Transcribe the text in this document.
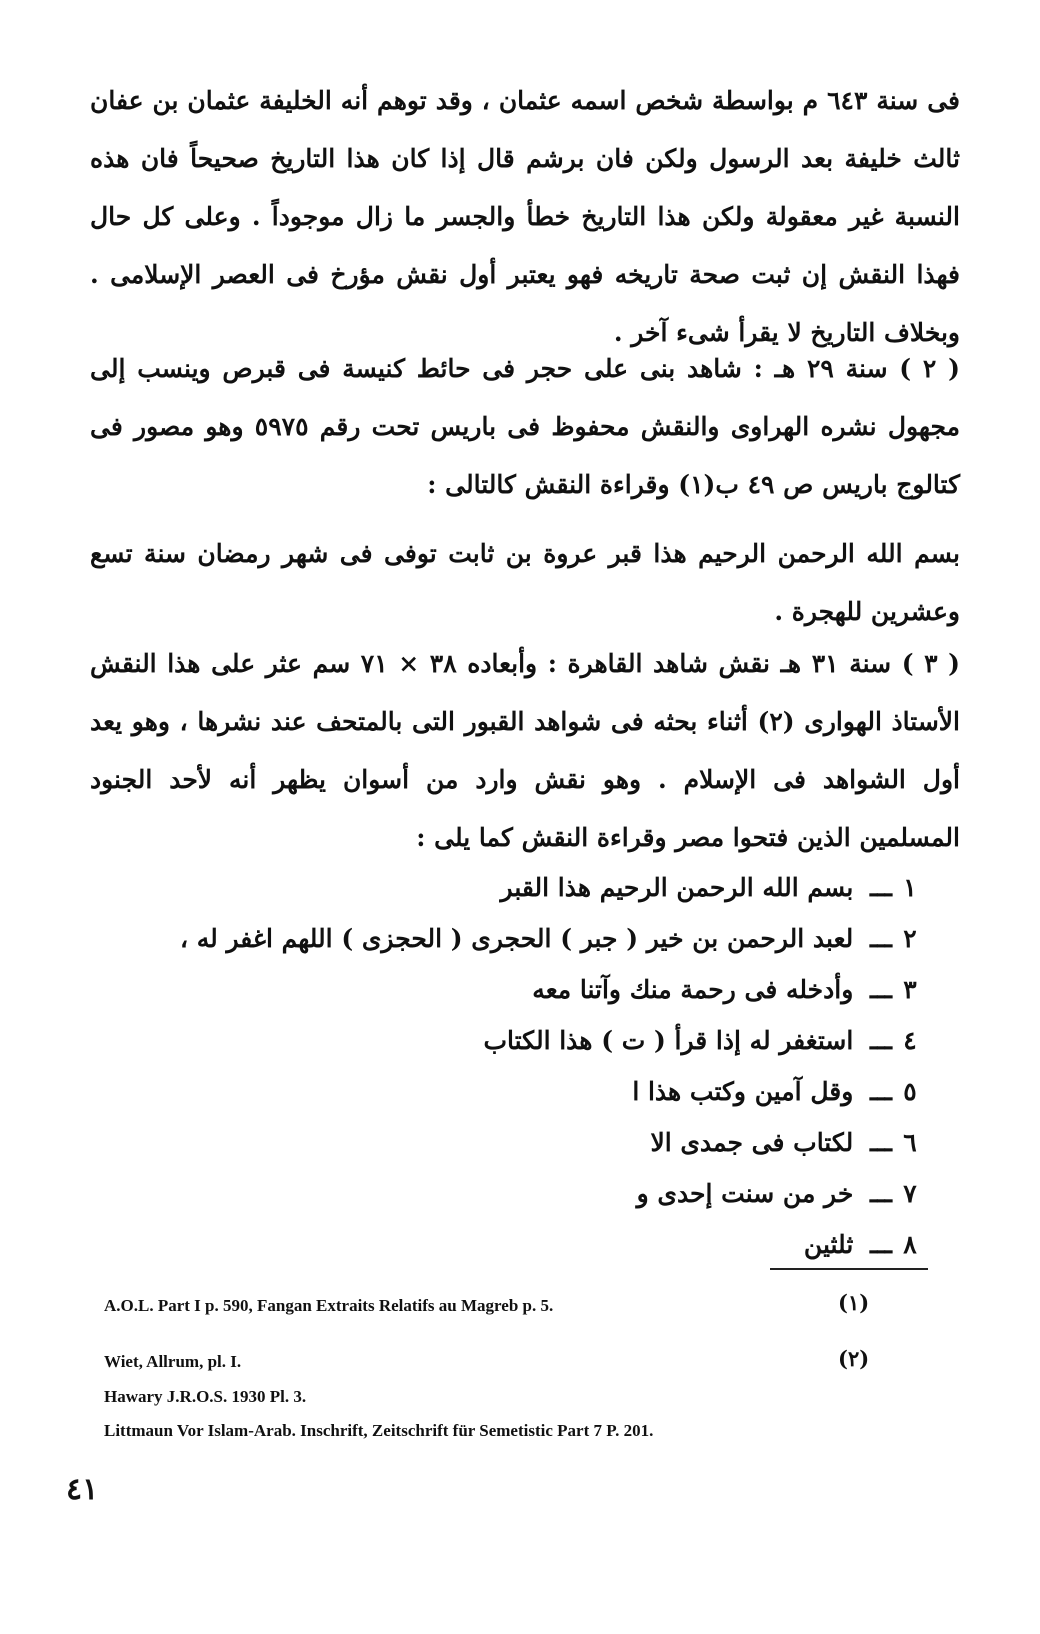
فى سنة ٦٤٣ م بواسطة شخص اسمه عثمان ، وقد توهم أنه الخليفة عثمان بن عفان ثالث خليفة بعد الرسول ولكن فان برشم قال إذا كان هذا التاريخ صحيحاً فان هذه النسبة غير معقولة ولكن هذا التاريخ خطأ والجسر ما زال موجوداً . وعلى كل حال فهذا النقش إن ثبت صحة تاريخه فهو يعتبر أول نقش مؤرخ فى العصر الإسلامى . وبخلاف التاريخ لا يقرأ شىء آخر .

( ٢ ) سنة ٢٩ هـ : شاهد بنى على حجر فى حائط كنيسة فى قبرص وينسب إلى مجهول نشره الهراوى والنقش محفوظ فى باريس تحت رقم ٥٩٧٥ وهو مصور فى كتالوج باريس ص ٤٩ ب(١) وقراءة النقش كالتالى :

بسم الله الرحمن الرحيم هذا قبر عروة بن ثابت توفى فى شهر رمضان سنة تسع وعشرين للهجرة .

( ٣ ) سنة ٣١ هـ نقش شاهد القاهرة : وأبعاده ٣٨ × ٧١ سم عثر على هذا النقش الأستاذ الهوارى (٢) أثناء بحثه فى شواهد القبور التى بالمتحف عند نشرها ، وهو يعد أول الشواهد فى الإسلام . وهو نقش وارد من أسوان يظهر أنه لأحد الجنود المسلمين الذين فتحوا مصر وقراءة النقش كما يلى :

١ـــ بسم الله الرحمن الرحيم هذا القبر
٢ـــ لعبد الرحمن بن خير ( جبر ) الحجرى ( الحجزى ) اللهم اغفر له ،
٣ـــ وأدخله فى رحمة منك وآتنا معه
٤ـــ استغفر له إذا قرأ ( ت ) هذا الكتاب
٥ـــ وقل آمين وكتب هذا ا
٦ـــ لكتاب فى جمدى الا
٧ـــ خر من سنت إحدى و
٨ـــ ثلثين

A.O.L. Part I p. 590, Fangan Extraits Relatifs au Magreb p. 5.	(١)

Wiet, Allrum, pl. I.	(٢)

Hawary J.R.O.S. 1930 Pl. 3.

Littmaun Vor Islam-Arab. Inschrift, Zeitschrift für Semetistic Part 7 P. 201.

٤١
